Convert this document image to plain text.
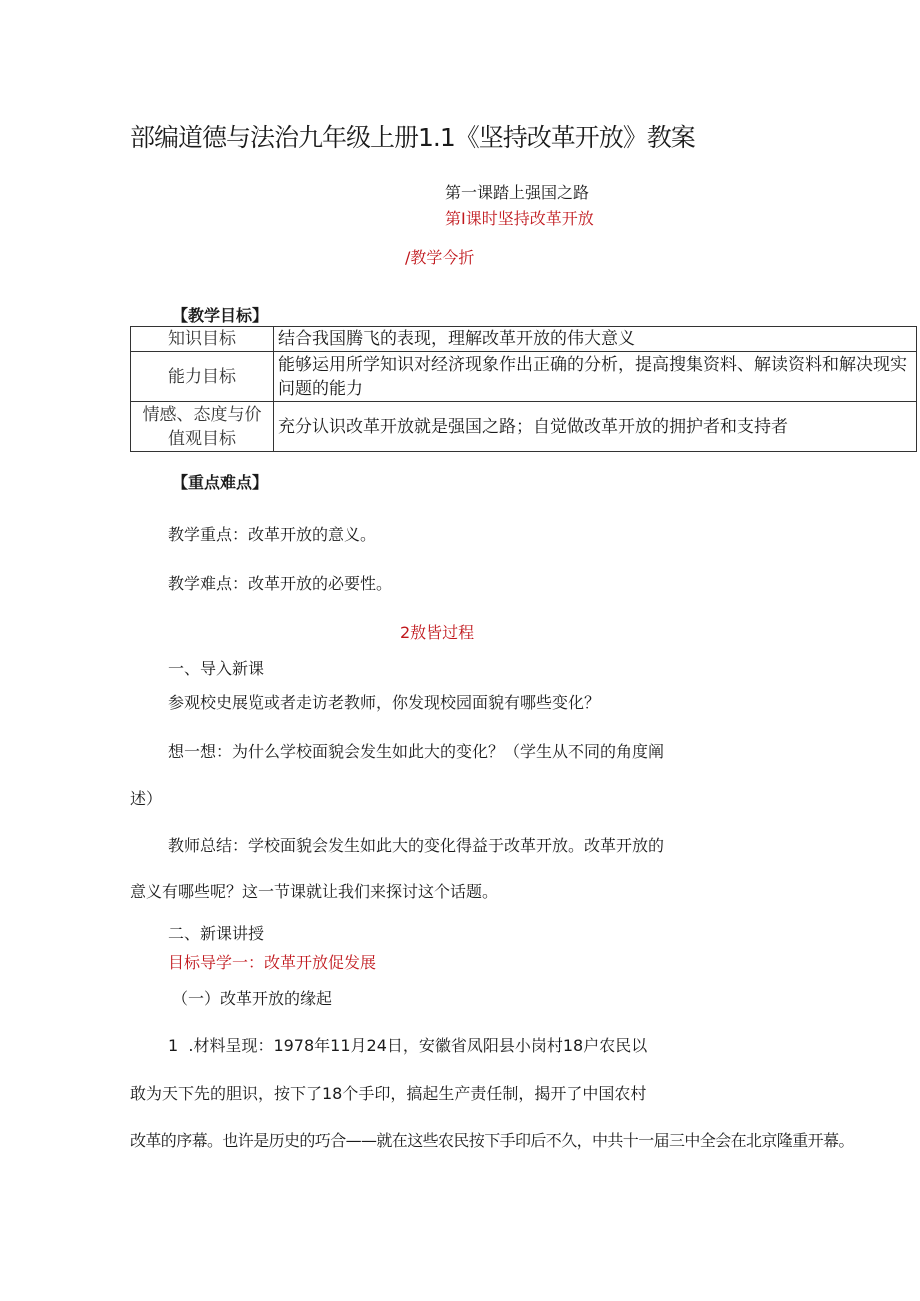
部编道德与法治九年级上册1.1《坚持改革开放》教案
第一课踏上强国之路
第I课时坚持改革开放
/教学今折
【教学目标】
知识目标	结合我国腾飞的表现，理解改革开放的伟大意义
能力目标	能够运用所学知识对经济现象作出正确的分析，提高搜集资料、解读资料和解决现实问题的能力
情感、态度与价值观目标	充分认识改革开放就是强国之路；自觉做改革开放的拥护者和支持者
【重点难点】
教学重点：改革开放的意义。
教学难点：改革开放的必要性。
2敖皆过程
一、导入新课
参观校史展览或者走访老教师，你发现校园面貌有哪些变化？
想一想：为什么学校面貌会发生如此大的变化？（学生从不同的角度阐
述）
教师总结：学校面貌会发生如此大的变化得益于改革开放。改革开放的
意义有哪些呢？这一节课就让我们来探讨这个话题。
二、新课讲授
目标导学一：改革开放促发展
（一）改革开放的缘起
1  .材料呈现：1978年11月24日，安徽省凤阳县小岗村18户农民以
敢为天下先的胆识，按下了18个手印，搞起生产责任制，揭开了中国农村
改革的序幕。也许是历史的巧合——就在这些农民按下手印后不久，中共十一届三中全会在北京隆重开幕。
